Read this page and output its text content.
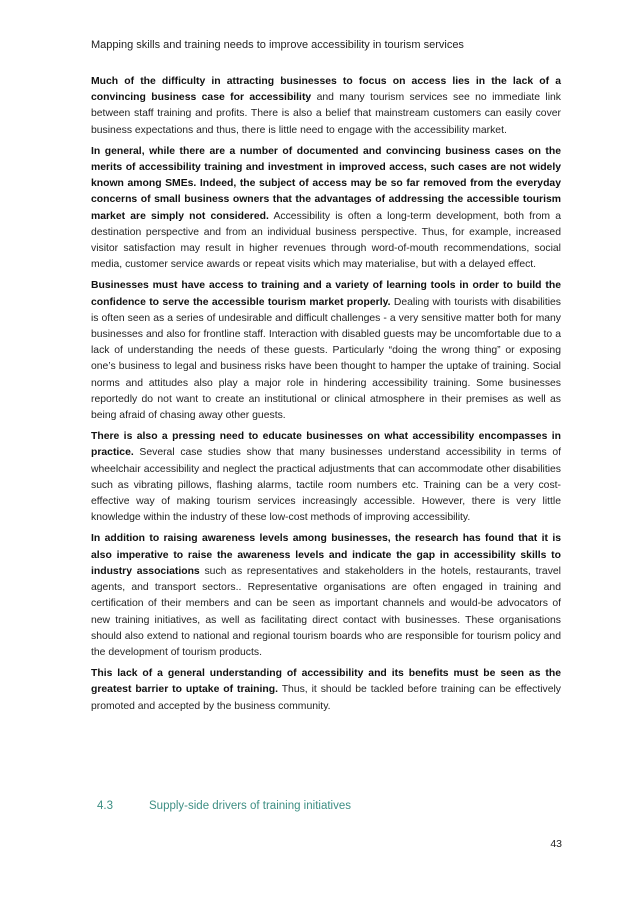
Mapping skills and training needs to improve accessibility in tourism services

Much of the difficulty in attracting businesses to focus on access lies in the lack of a convincing business case for accessibility and many tourism services see no immediate link between staff training and profits. There is also a belief that mainstream customers can easily cover business expectations and thus, there is little need to engage with the accessibility market.

In general, while there are a number of documented and convincing business cases on the merits of accessibility training and investment in improved access, such cases are not widely known among SMEs. Indeed, the subject of access may be so far removed from the everyday concerns of small business owners that the advantages of addressing the accessible tourism market are simply not considered. Accessibility is often a long-term development, both from a destination perspective and from an individual business perspective. Thus, for example, increased visitor satisfaction may result in higher revenues through word-of-mouth recommendations, social media, customer service awards or repeat visits which may materialise, but with a delayed effect.

Businesses must have access to training and a variety of learning tools in order to build the confidence to serve the accessible tourism market properly. Dealing with tourists with disabilities is often seen as a series of undesirable and difficult challenges - a very sensitive matter both for many businesses and also for frontline staff. Interaction with disabled guests may be uncomfortable due to a lack of understanding the needs of these guests. Particularly “doing the wrong thing” or exposing one’s business to legal and business risks have been thought to hamper the uptake of training. Social norms and attitudes also play a major role in hindering accessibility training. Some businesses reportedly do not want to create an institutional or clinical atmosphere in their premises as well as being afraid of chasing away other guests.

There is also a pressing need to educate businesses on what accessibility encompasses in practice. Several case studies show that many businesses understand accessibility in terms of wheelchair accessibility and neglect the practical adjustments that can accommodate other disabilities such as vibrating pillows, flashing alarms, tactile room numbers etc. Training can be a very cost-effective way of making tourism services increasingly accessible. However, there is very little knowledge within the industry of these low-cost methods of improving accessibility.

In addition to raising awareness levels among businesses, the research has found that it is also imperative to raise the awareness levels and indicate the gap in accessibility skills to industry associations such as representatives and stakeholders in the hotels, restaurants, travel agents, and transport sectors.. Representative organisations are often engaged in training and certification of their members and can be seen as important channels and would-be advocators of new training initiatives, as well as facilitating direct contact with businesses. These organisations should also extend to national and regional tourism boards who are responsible for tourism policy and the development of tourism products.

This lack of a general understanding of accessibility and its benefits must be seen as the greatest barrier to uptake of training. Thus, it should be tackled before training can be effectively promoted and accepted by the business community.

4.3	Supply-side drivers of training initiatives
43
